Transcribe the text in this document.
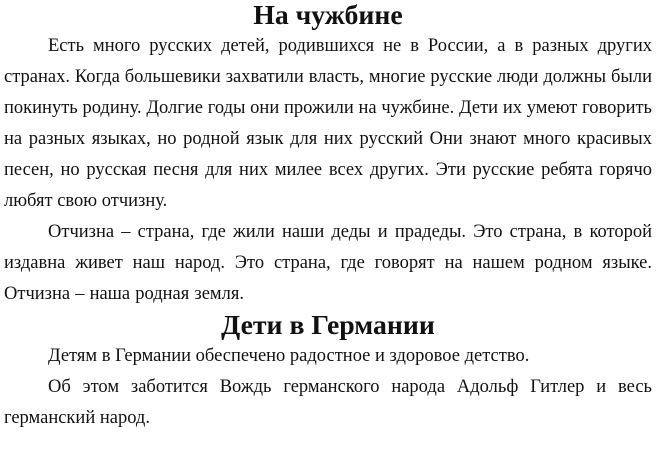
На чужбине

Есть много русских детей, родившихся не в России, а в разных других странах. Когда большевики захватили власть, многие русские люди должны были покинуть родину. Долгие годы они прожили на чужбине. Дети их умеют говорить на разных языках, но родной язык для них русский Они знают много красивых песен, но русская песня для них милее всех других. Эти русские ребята горячо любят свою отчизну.

Отчизна – страна, где жили наши деды и прадеды. Это страна, в которой издавна живет наш народ. Это страна, где говорят на нашем родном языке. Отчизна – наша родная земля.

Дети в Германии

Детям в Германии обеспечено радостное и здоровое детство.

Об этом заботится Вождь германского народа Адольф Гитлер и весь германский народ.
